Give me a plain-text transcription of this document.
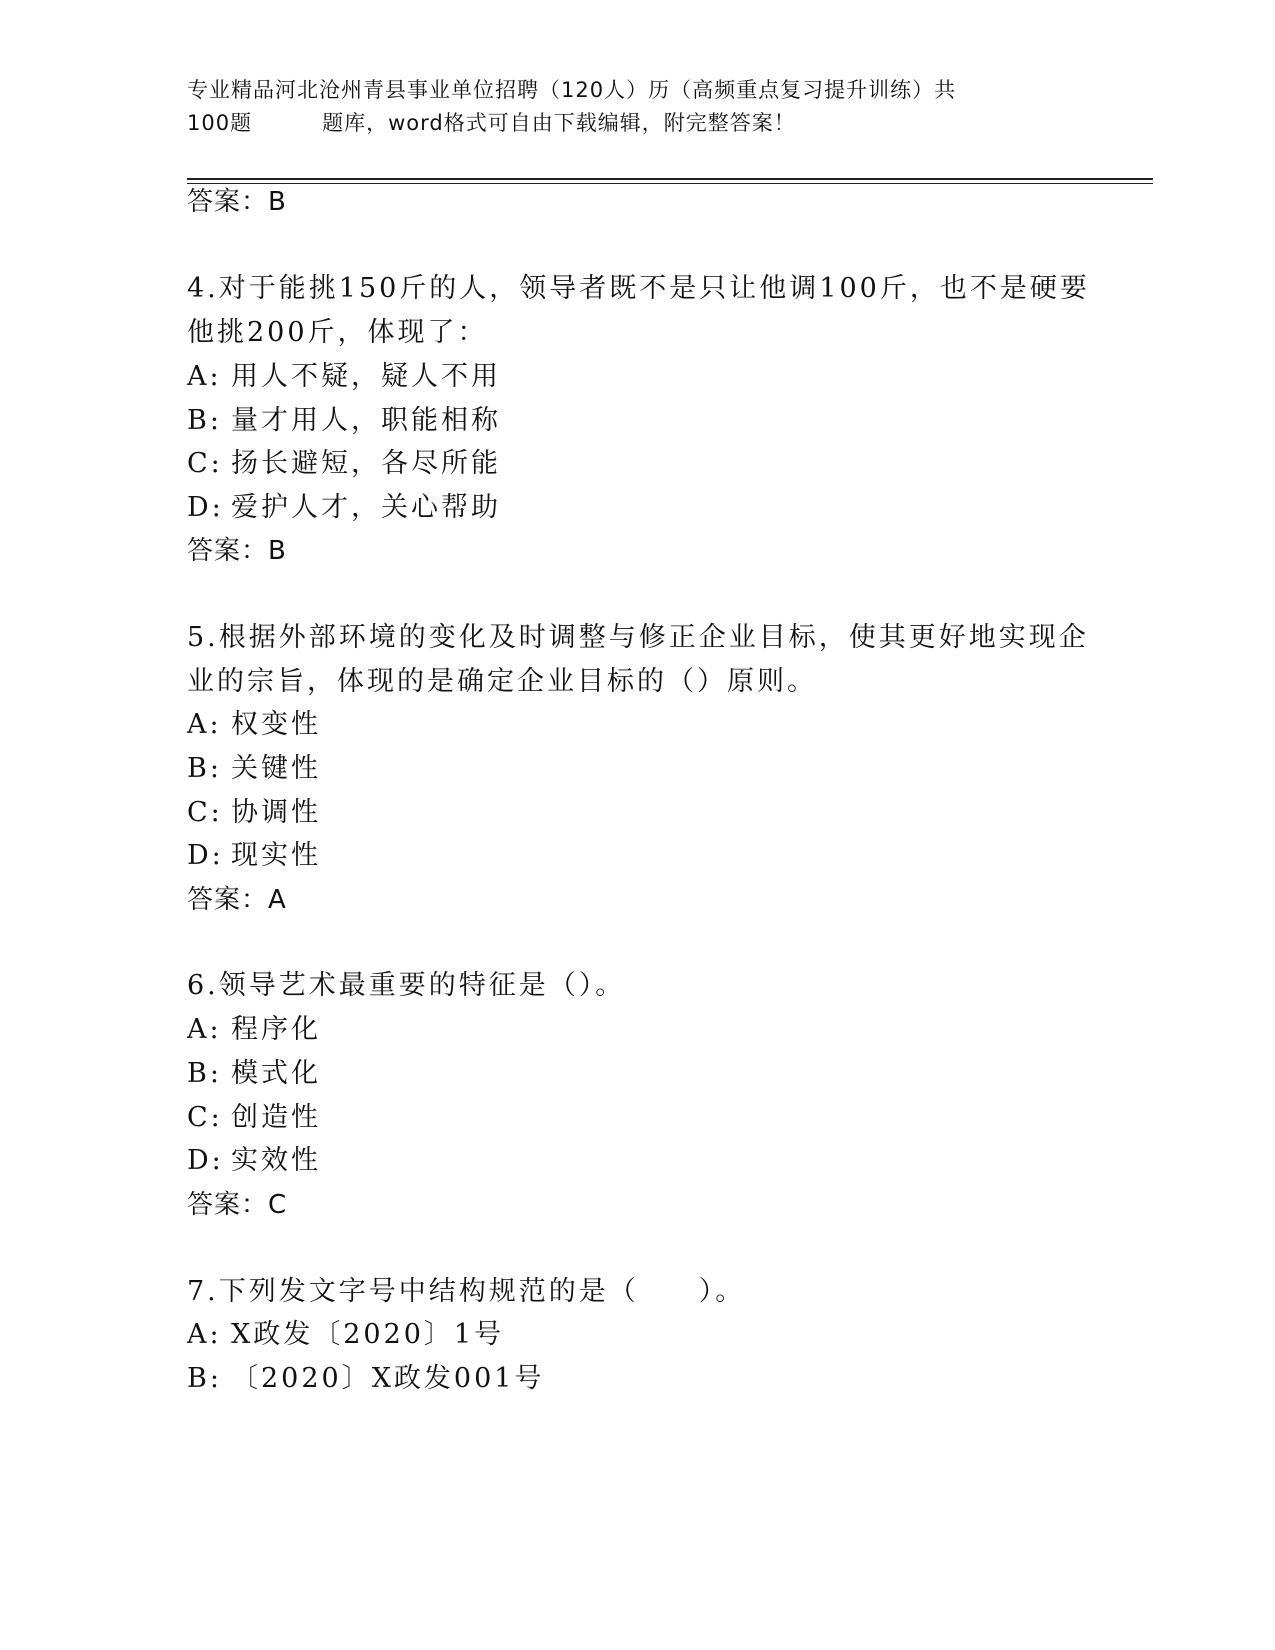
专业精品河北沧州青县事业单位招聘（120人）历（高频重点复习提升训练）共
100题	题库，word格式可自由下载编辑，附完整答案！
答案：B
4.对于能挑150斤的人，领导者既不是只让他调100斤，也不是硬要
他挑200斤，体现了：
A: 用人不疑，疑人不用
B: 量才用人，职能相称
C: 扬长避短，各尽所能
D: 爱护人才，关心帮助
答案：B
5.根据外部环境的变化及时调整与修正企业目标，使其更好地实现企
业的宗旨，体现的是确定企业目标的（）原则。
A: 权变性
B: 关键性
C: 协调性
D: 现实性
答案：A
6.领导艺术最重要的特征是（）。
A: 程序化
B: 模式化
C: 创造性
D: 实效性
答案：C
7.下列发文字号中结构规范的是（　　）。
A: X政发〔2020〕1号
B: 〔2020〕X政发001号
